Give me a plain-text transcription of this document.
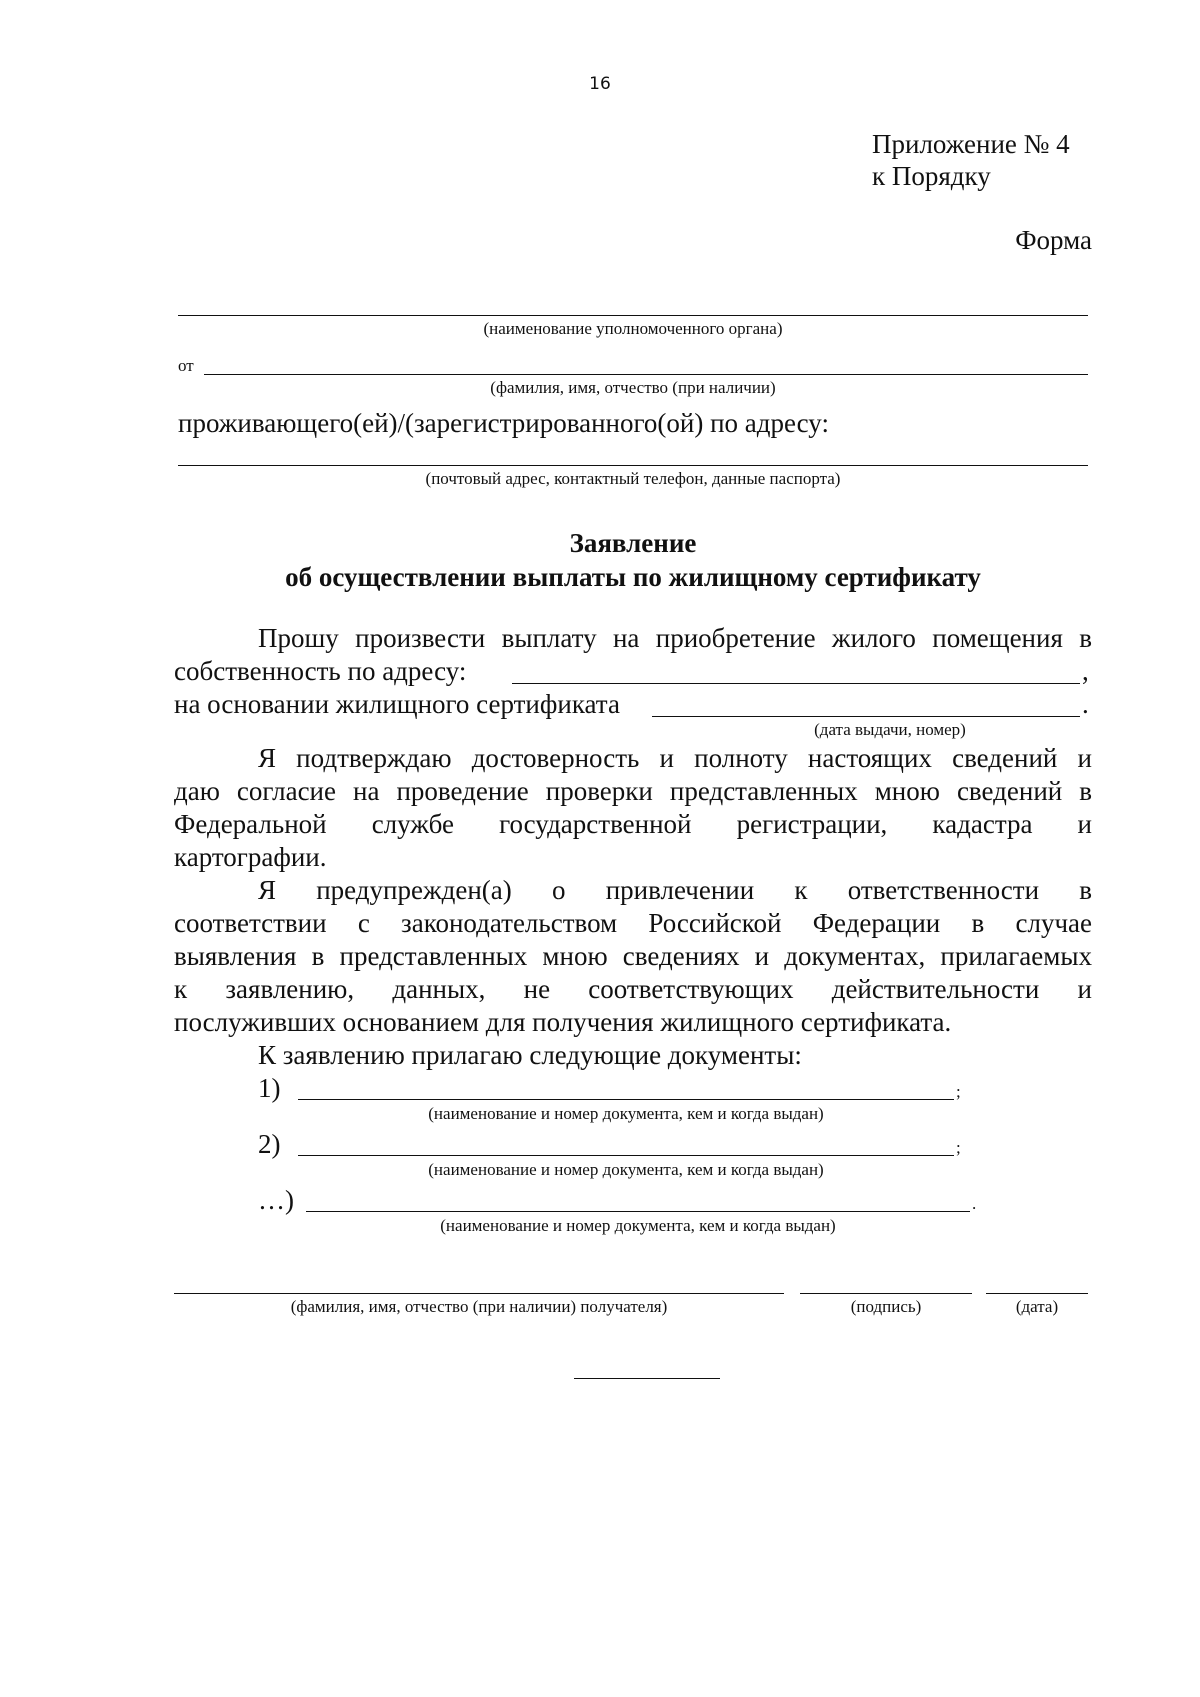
16
Приложение № 4
к Порядку
Форма
(наименование уполномоченного органа)
от
(фамилия, имя, отчество (при наличии)
проживающего(ей)/(зарегистрированного(ой) по адресу:
(почтовый адрес, контактный телефон, данные паспорта)
Заявление
об осуществлении выплаты по жилищному сертификату
Прошу произвести выплату на приобретение жилого помещения в
собственность по адресу:	,
на основании жилищного сертификата	.
(дата выдачи, номер)
Я подтверждаю достоверность и полноту настоящих сведений и
даю согласие на проведение проверки представленных мною сведений в
Федеральной службе государственной регистрации, кадастра и
картографии.
Я предупрежден(а) о привлечении к ответственности в
соответствии с законодательством Российской Федерации в случае
выявления в представленных мною сведениях и документах, прилагаемых
к заявлению, данных, не соответствующих действительности и
послуживших основанием для получения жилищного сертификата.
К заявлению прилагаю следующие документы:
1)	;
(наименование и номер документа, кем и когда выдан)
2)	;
(наименование и номер документа, кем и когда выдан)
…)	.
(наименование и номер документа, кем и когда выдан)
(фамилия, имя, отчество (при наличии) получателя)	(подпись)	(дата)
